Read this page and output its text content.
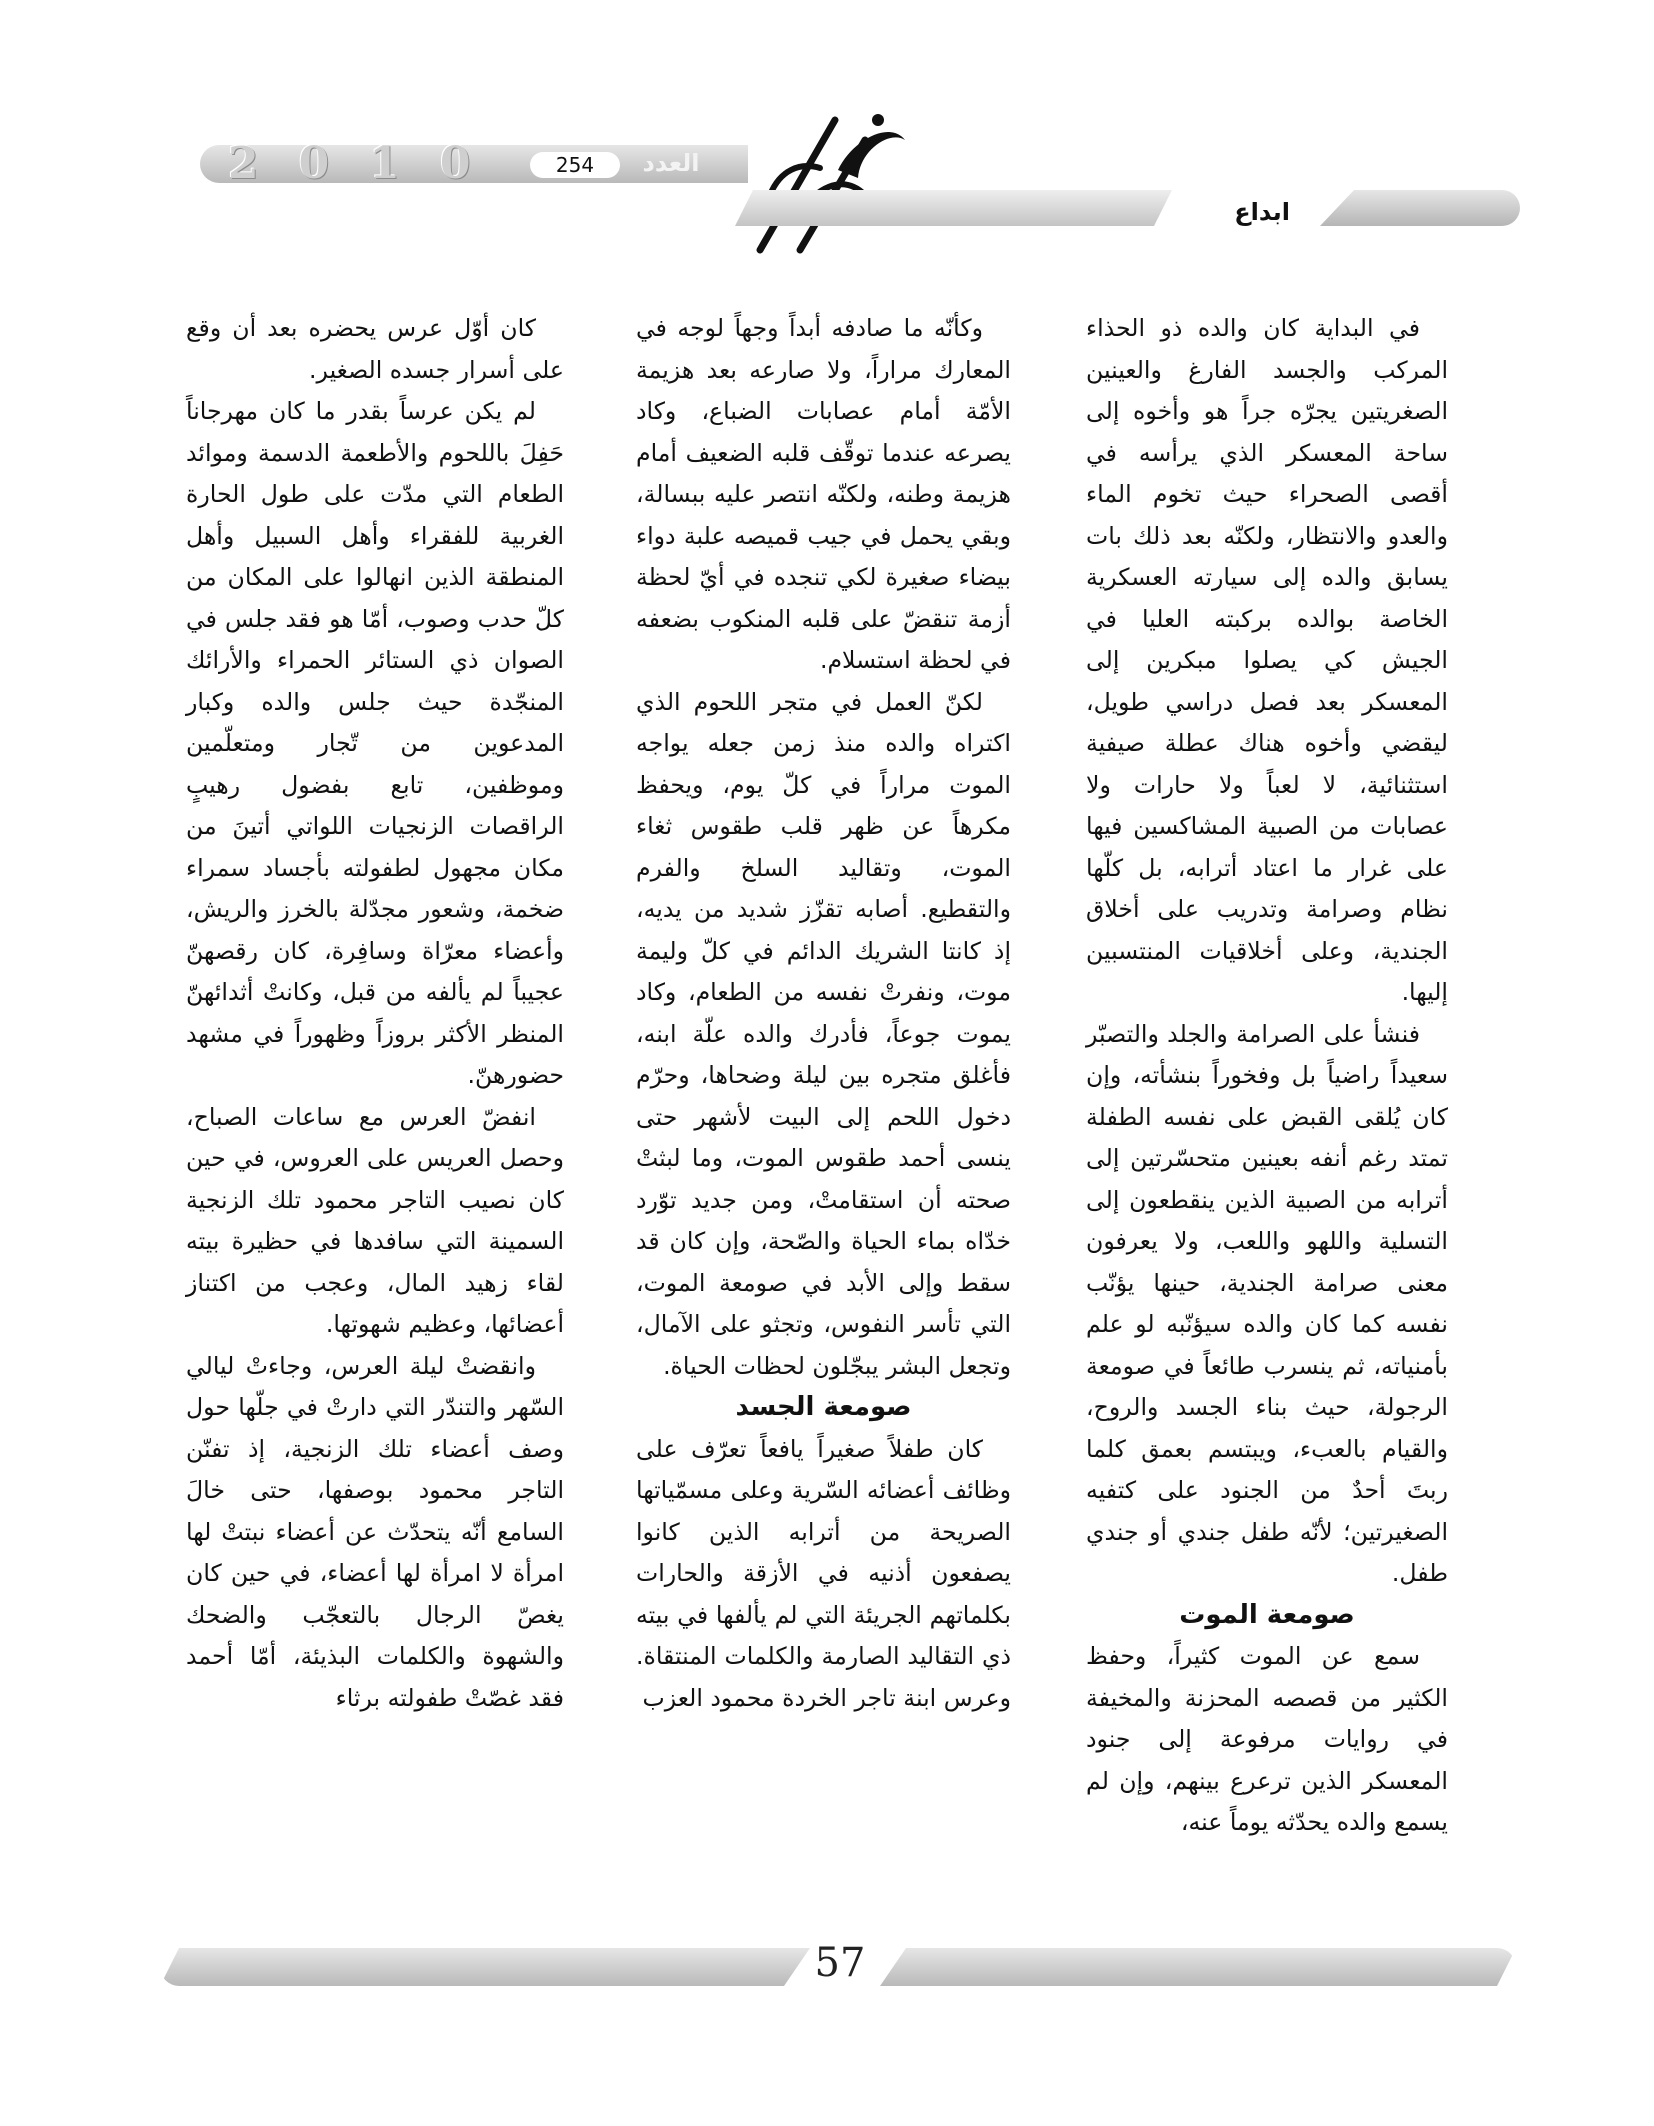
2010	254	العدد
ابداع

في البداية كان والده ذو الحذاء المركب والجسد الفارغ والعينين الصغريتين يجرّه جراً هو وأخوه إلى ساحة المعسكر الذي يرأسه في أقصى الصحراء حيث تخوم الماء والعدو والانتظار، ولكنّه بعد ذلك بات يسابق والده إلى سيارته العسكرية الخاصة بوالده بركبته العليا في الجيش كي يصلوا مبكرين إلى المعسكر بعد فصل دراسي طويل، ليقضي وأخوه هناك عطلة صيفية استثنائية، لا لعباً ولا حارات ولا عصابات من الصبية المشاكسين فيها على غرار ما اعتاد أترابه، بل كلّها نظام وصرامة وتدريب على أخلاق الجندية، وعلى أخلاقيات المنتسبين إليها.

فنشأ على الصرامة والجلد والتصبّر سعيداً راضياً بل وفخوراً بنشأته، وإن كان يُلقى القبض على نفسه الطفلة تمتد رغم أنفه بعينين متحسّرتين إلى أترابه من الصبية الذين ينقطعون إلى التسلية واللهو واللعب، ولا يعرفون معنى صرامة الجندية، حينها يؤنّب نفسه كما كان والده سيؤنّبه لو علم بأمنياته، ثم ينسرب طائعاً في صومعة الرجولة، حيث بناء الجسد والروح، والقيام بالعبء، ويبتسم بعمق كلما ربتَ أحدٌ من الجنود على كتفيه الصغيرتين؛ لأنّه طفل جندي أو جندي طفل.

صومعة الموت

سمع عن الموت كثيراً، وحفظ الكثير من قصصه المحزنة والمخيفة في روايات مرفوعة إلى جنود المعسكر الذين ترعرع بينهم، وإن لم يسمع والده يحدّثه يوماً عنه،

وكأنّه ما صادفه أبداً وجهاً لوجه في المعارك مراراً، ولا صارعه بعد هزيمة الأمّة أمام عصابات الضباع، وكاد يصرعه عندما توقّف قلبه الضعيف أمام هزيمة وطنه، ولكنّه انتصر عليه ببسالة، وبقي يحمل في جيب قميصه علبة دواء بيضاء صغيرة لكي تنجده في أيّ لحظة أزمة تنقضّ على قلبه المنكوب بضعفه في لحظة استسلام.

لكنّ العمل في متجر اللحوم الذي اكتراه والده منذ زمن جعله يواجه الموت مراراً في كلّ يوم، ويحفظ مكرهاً عن ظهر قلب طقوس ثغاء الموت، وتقاليد السلخ والفرم والتقطيع. أصابه تقزّز شديد من يديه، إذ كانتا الشريك الدائم في كلّ وليمة موت، ونفرتْ نفسه من الطعام، وكاد يموت جوعاً، فأدرك والده علّة ابنه، فأغلق متجره بين ليلة وضحاها، وحرّم دخول اللحم إلى البيت لأشهر حتى ينسى أحمد طقوس الموت، وما لبثتْ صحته أن استقامتْ، ومن جديد توّرد خدّاه بماء الحياة والصّحة، وإن كان قد سقط وإلى الأبد في صومعة الموت، التي تأسر النفوس، وتجثو على الآمال، وتجعل البشر يبجّلون لحظات الحياة.

صومعة الجسد

كان طفلاً صغيراً يافعاً تعرّف على وظائف أعضائه السّرية وعلى مسمّياتها الصريحة من أترابه الذين كانوا يصفعون أذنيه في الأزقة والحارات بكلماتهم الجريئة التي لم يألفها في بيته ذي التقاليد الصارمة والكلمات المنتقاة. وعرس ابنة تاجر الخردة محمود العزب

كان أوّل عرس يحضره بعد أن وقع على أسرار جسده الصغير.

لم يكن عرساً بقدر ما كان مهرجاناً حَفِلَ باللحوم والأطعمة الدسمة وموائد الطعام التي مدّت على طول الحارة الغربية للفقراء وأهل السبيل وأهل المنطقة الذين انهالوا على المكان من كلّ حدب وصوب، أمّا هو فقد جلس في الصوان ذي الستائر الحمراء والأرائك المنجّدة حيث جلس والده وكبار المدعوين من تّجار ومتعلّمين وموظفين، تابع بفضول رهيبٍ الراقصات الزنجيات اللواتي أتينَ من مكان مجهول لطفولته بأجساد سمراء ضخمة، وشعور مجدّلة بالخرز والريش، وأعضاء معرّاة وسافِرة، كان رقصهنّ عجيباً لم يألفه من قبل، وكانتْ أثدائهنّ المنظر الأكثر بروزاً وظهوراً في مشهد حضورهنّ.

انفضّ العرس مع ساعات الصباح، وحصل العريس على العروس، في حين كان نصيب التاجر محمود تلك الزنجية السمينة التي سافدها في حظيرة بيته لقاء زهيد المال، وعجب من اكتناز أعضائها، وعظيم شهوتها.

وانقضتْ ليلة العرس، وجاءتْ ليالي السّهر والتندّر التي دارتْ في جلّها حول وصف أعضاء تلك الزنجية، إذ تفنّن التاجر محمود بوصفها، حتى خالَ السامع أنّه يتحدّث عن أعضاء نبتتْ لها امرأة لا امرأة لها أعضاء، في حين كان يغصّ الرجال بالتعجّب والضحك والشهوة والكلمات البذيئة، أمّا أحمد فقد غصّتْ طفولته برثاء

57
